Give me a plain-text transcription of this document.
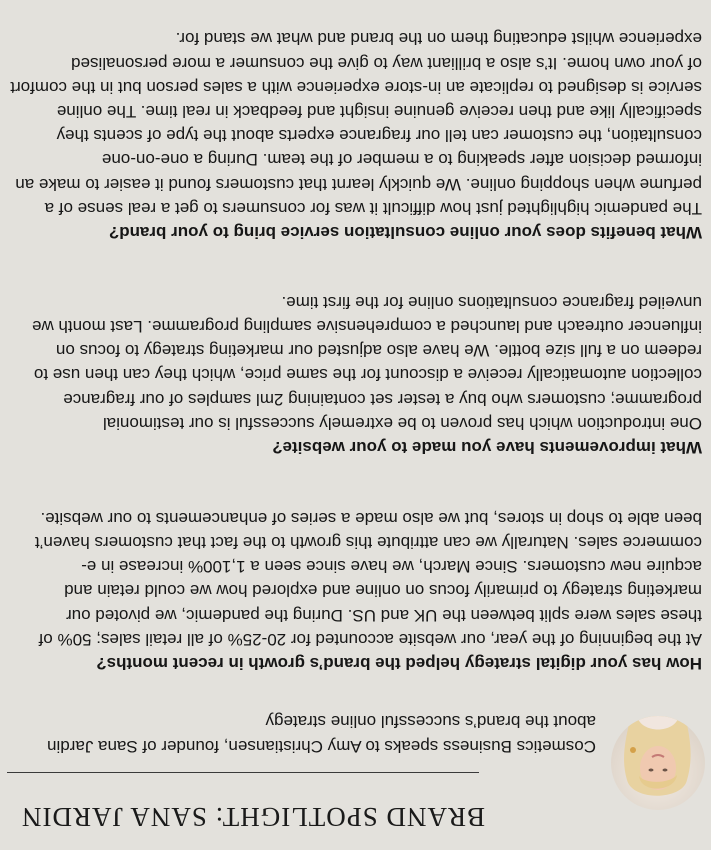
BRAND SPOTLIGHT: SANA JARDIN

Cosmetics Business speaks to Amy Christiansen, founder of Sana Jardin about the brand’s successful online strategy

How has your digital strategy helped the brand’s growth in recent months?

At the beginning of the year, our website accounted for 20-25% of all retail sales; 50% of these sales were split between the UK and US. During the pandemic, we pivoted our marketing strategy to primarily focus on online and explored how we could retain and acquire new customers. Since March, we have since seen a 1,100% increase in e-commerce sales. Naturally we can attribute this growth to the fact that customers haven’t been able to shop in stores, but we also made a series of enhancements to our website.

What improvements have you made to your website?

One introduction which has proven to be extremely successful is our testimonial programme; customers who buy a tester set containing 2ml samples of our fragrance collection automatically receive a discount for the same price, which they can then use to redeem on a full size bottle. We have also adjusted our marketing strategy to focus on influencer outreach and launched a comprehensive sampling programme. Last month we unveiled fragrance consultations online for the first time.

What benefits does your online consultation service bring to your brand?

The pandemic highlighted just how difficult it was for consumers to get a real sense of a perfume when shopping online. We quickly learnt that customers found it easier to make an informed decision after speaking to a member of the team. During a one-on-one consultation, the customer can tell our fragrance experts about the type of scents they specifically like and then receive genuine insight and feedback in real time. The online service is designed to replicate an in-store experience with a sales person but in the comfort of your own home. It’s also a brilliant way to give the consumer a more personalised experience whilst educating them on the brand and what we stand for.
